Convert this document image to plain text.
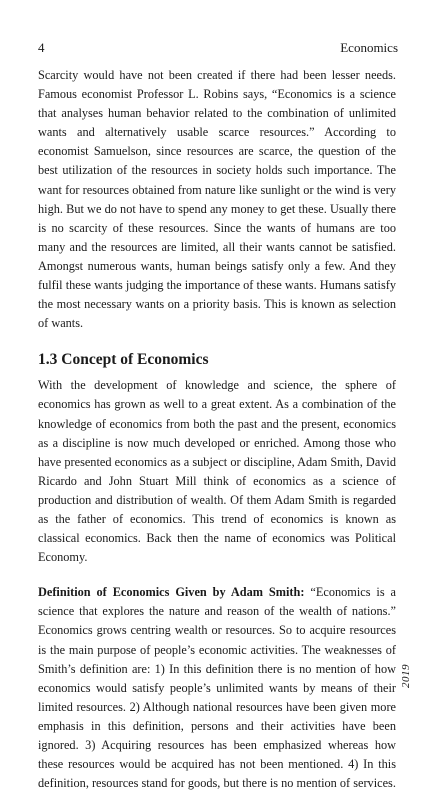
4	Economics

Scarcity would have not been created if there had been lesser needs. Famous economist Professor L. Robins says, “Economics is a science that analyses human behavior related to the combination of unlimited wants and alternatively usable scarce resources.” According to economist Samuelson, since resources are scarce, the question of the best utilization of the resources in society holds such importance. The want for resources obtained from nature like sunlight or the wind is very high. But we do not have to spend any money to get these. Usually there is no scarcity of these resources. Since the wants of humans are too many and the resources are limited, all their wants cannot be satisfied. Amongst numerous wants, human beings satisfy only a few. And they fulfil these wants judging the importance of these wants. Humans satisfy the most necessary wants on a priority basis. This is known as selection of wants.

1.3 Concept of Economics

With the development of knowledge and science, the sphere of economics has grown as well to a great extent. As a combination of the knowledge of economics from both the past and the present, economics as a discipline is now much developed or enriched. Among those who have presented economics as a subject or discipline, Adam Smith, David Ricardo and John Stuart Mill think of economics as a science of production and distribution of wealth. Of them Adam Smith is regarded as the father of economics. This trend of economics is known as classical economics. Back then the name of economics was Political Economy.

Definition of Economics Given by Adam Smith: “Economics is a science that explores the nature and reason of the wealth of nations.” Economics grows centring wealth or resources. So to acquire resources is the main purpose of people’s economic activities. The weaknesses of Smith’s definition are: 1) In this definition there is no mention of how economics would satisfy people’s unlimited wants by means of their limited resources. 2) Although national resources have been given more emphasis in this definition, persons and their activities have been ignored. 3) Acquiring resources has been emphasized whereas how these resources would be acquired has not been mentioned. 4) In this definition, resources stand for goods, but there is no mention of services.

2019
